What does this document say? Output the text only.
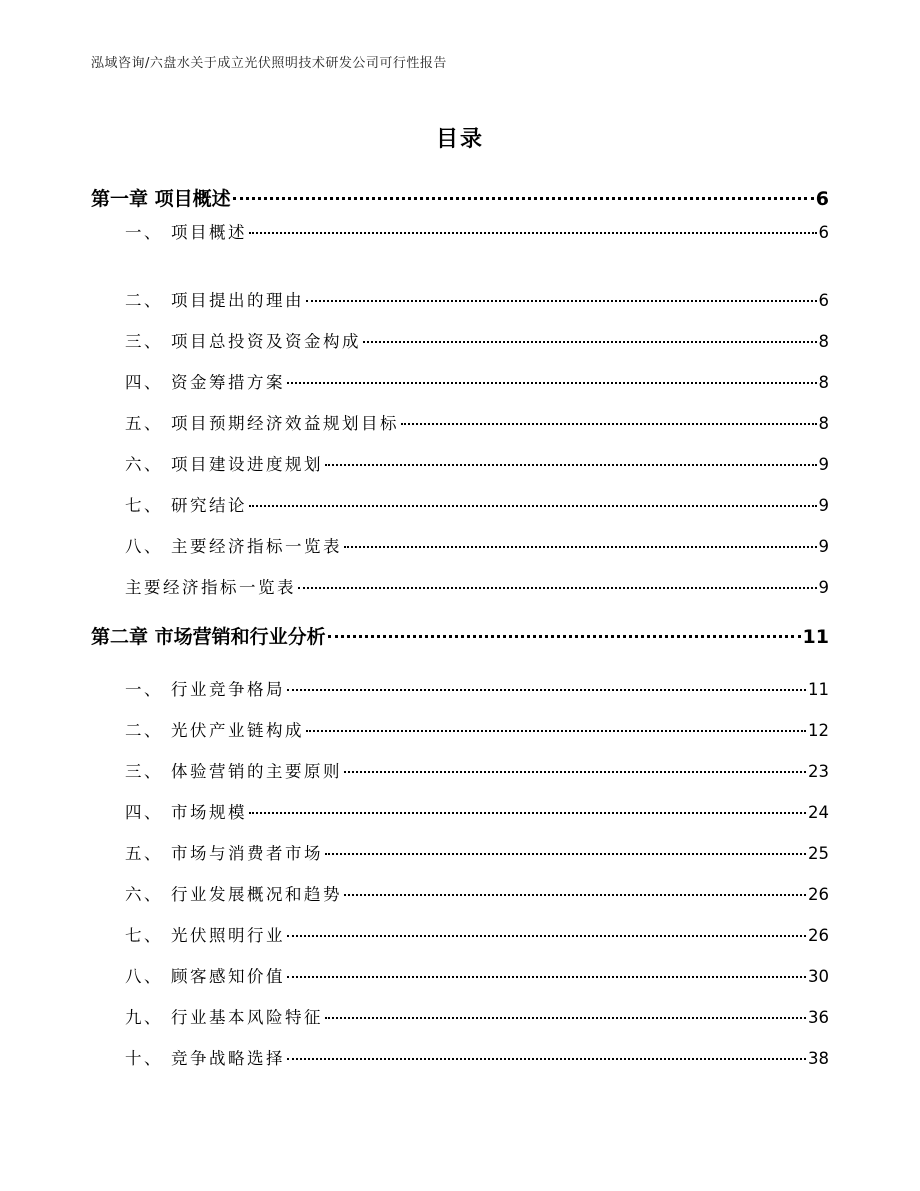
泓域咨询/六盘水关于成立光伏照明技术研发公司可行性报告
目录
第一章 项目概述	6
一、 项目概述	6
二、 项目提出的理由	6
三、 项目总投资及资金构成	8
四、 资金筹措方案	8
五、 项目预期经济效益规划目标	8
六、 项目建设进度规划	9
七、 研究结论	9
八、 主要经济指标一览表	9
主要经济指标一览表	9
第二章 市场营销和行业分析	11
一、 行业竞争格局	11
二、 光伏产业链构成	12
三、 体验营销的主要原则	23
四、 市场规模	24
五、 市场与消费者市场	25
六、 行业发展概况和趋势	26
七、 光伏照明行业	26
八、 顾客感知价值	30
九、 行业基本风险特征	36
十、 竞争战略选择	38
